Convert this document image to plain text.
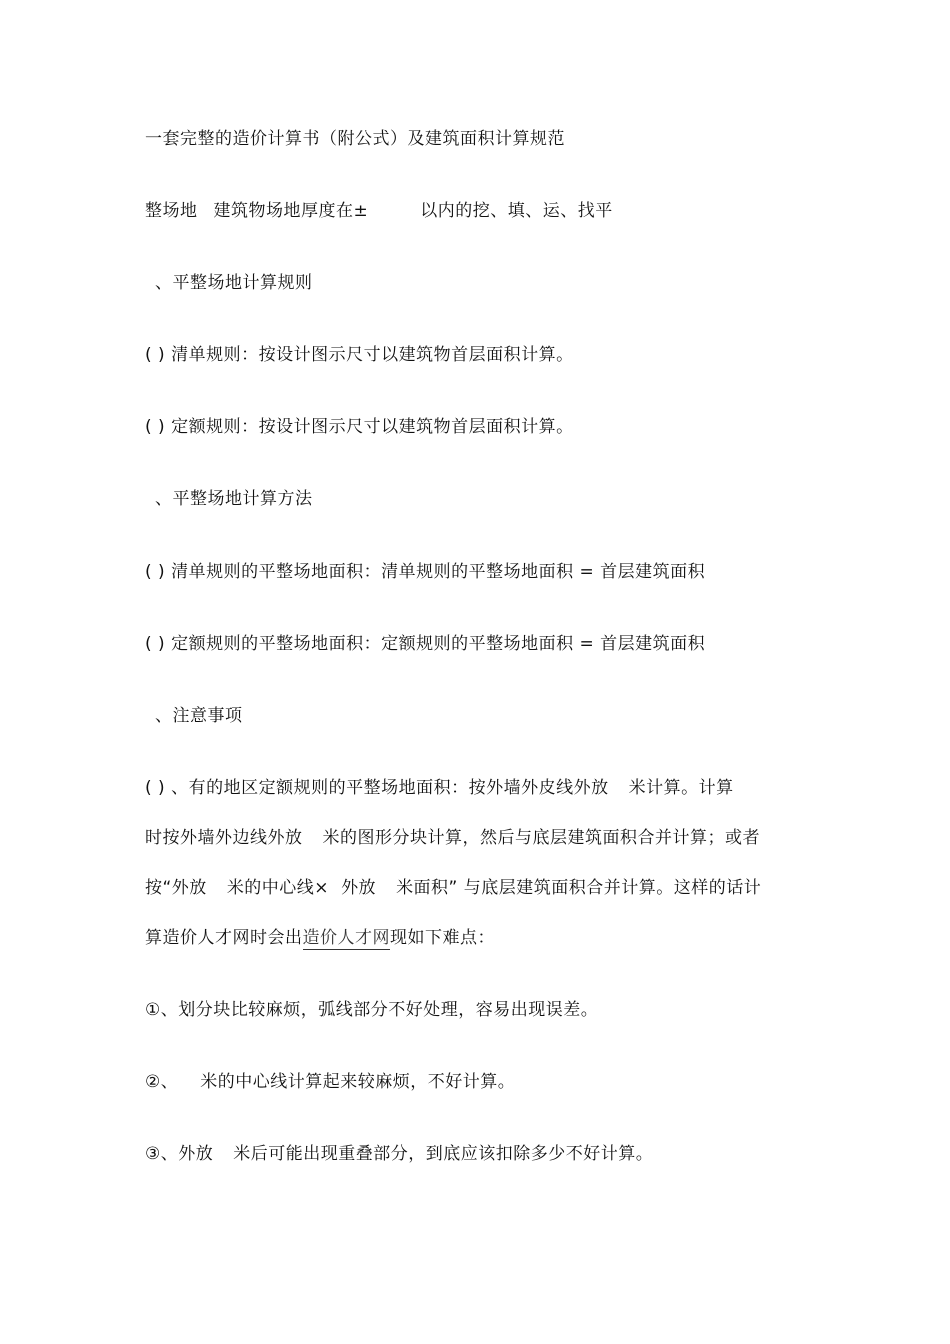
一套完整的造价计算书（附公式）及建筑面积计算规范
整场地 建筑物场地厚度在±	以内的挖、填、运、找平
、平整场地计算规则
( ) 清单规则：按设计图示尺寸以建筑物首层面积计算。
( ) 定额规则：按设计图示尺寸以建筑物首层面积计算。
、平整场地计算方法
( ) 清单规则的平整场地面积：清单规则的平整场地面积 = 首层建筑面积
( ) 定额规则的平整场地面积：定额规则的平整场地面积 = 首层建筑面积
、注意事项
( ) 、有的地区定额规则的平整场地面积：按外墙外皮线外放 米计算。计算
时按外墙外边线外放 米的图形分块计算，然后与底层建筑面积合并计算；或者
按“外放 米的中心线× 外放 米面积” 与底层建筑面积合并计算。这样的话计
算造价人才网时会出造价人才网现如下难点：
①、划分块比较麻烦，弧线部分不好处理，容易出现误差。
②、 米的中心线计算起来较麻烦，不好计算。
③、外放 米后可能出现重叠部分，到底应该扣除多少不好计算。
